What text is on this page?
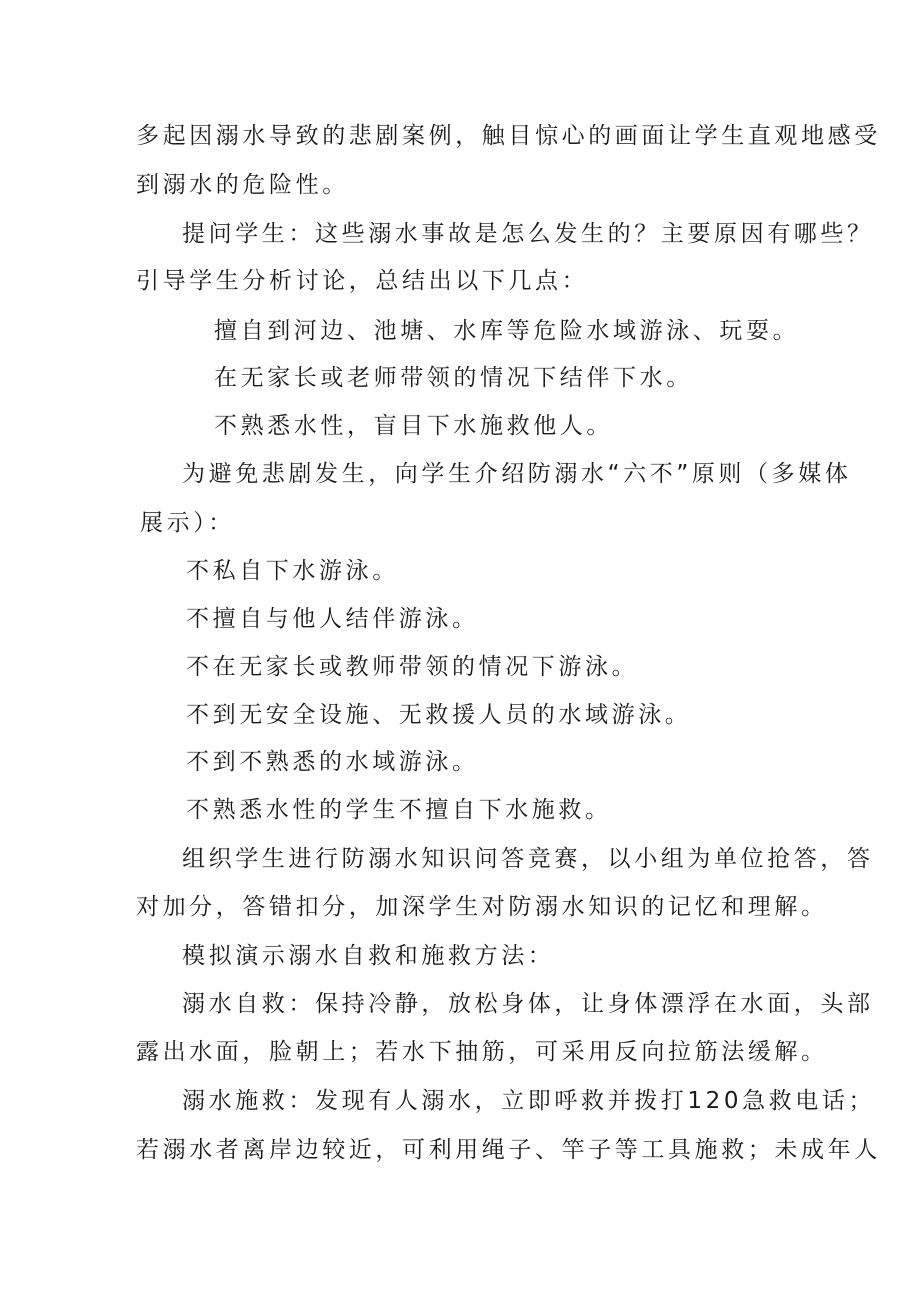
多起因溺水导致的悲剧案例，触目惊心的画面让学生直观地感受

到溺水的危险性。

提问学生：这些溺水事故是怎么发生的？主要原因有哪些？

引导学生分析讨论，总结出以下几点：

擅自到河边、池塘、水库等危险水域游泳、玩耍。

在无家长或老师带领的情况下结伴下水。

不熟悉水性，盲目下水施救他人。

为避免悲剧发生，向学生介绍防溺水“六不”原则（多媒体

展示）：

不私自下水游泳。

不擅自与他人结伴游泳。

不在无家长或教师带领的情况下游泳。

不到无安全设施、无救援人员的水域游泳。

不到不熟悉的水域游泳。

不熟悉水性的学生不擅自下水施救。

组织学生进行防溺水知识问答竞赛，以小组为单位抢答，答

对加分，答错扣分，加深学生对防溺水知识的记忆和理解。

模拟演示溺水自救和施救方法：

溺水自救：保持冷静，放松身体，让身体漂浮在水面，头部

露出水面，脸朝上；若水下抽筋，可采用反向拉筋法缓解。

溺水施救：发现有人溺水，立即呼救并拨打120急救电话；

若溺水者离岸边较近，可利用绳子、竿子等工具施救；未成年人
